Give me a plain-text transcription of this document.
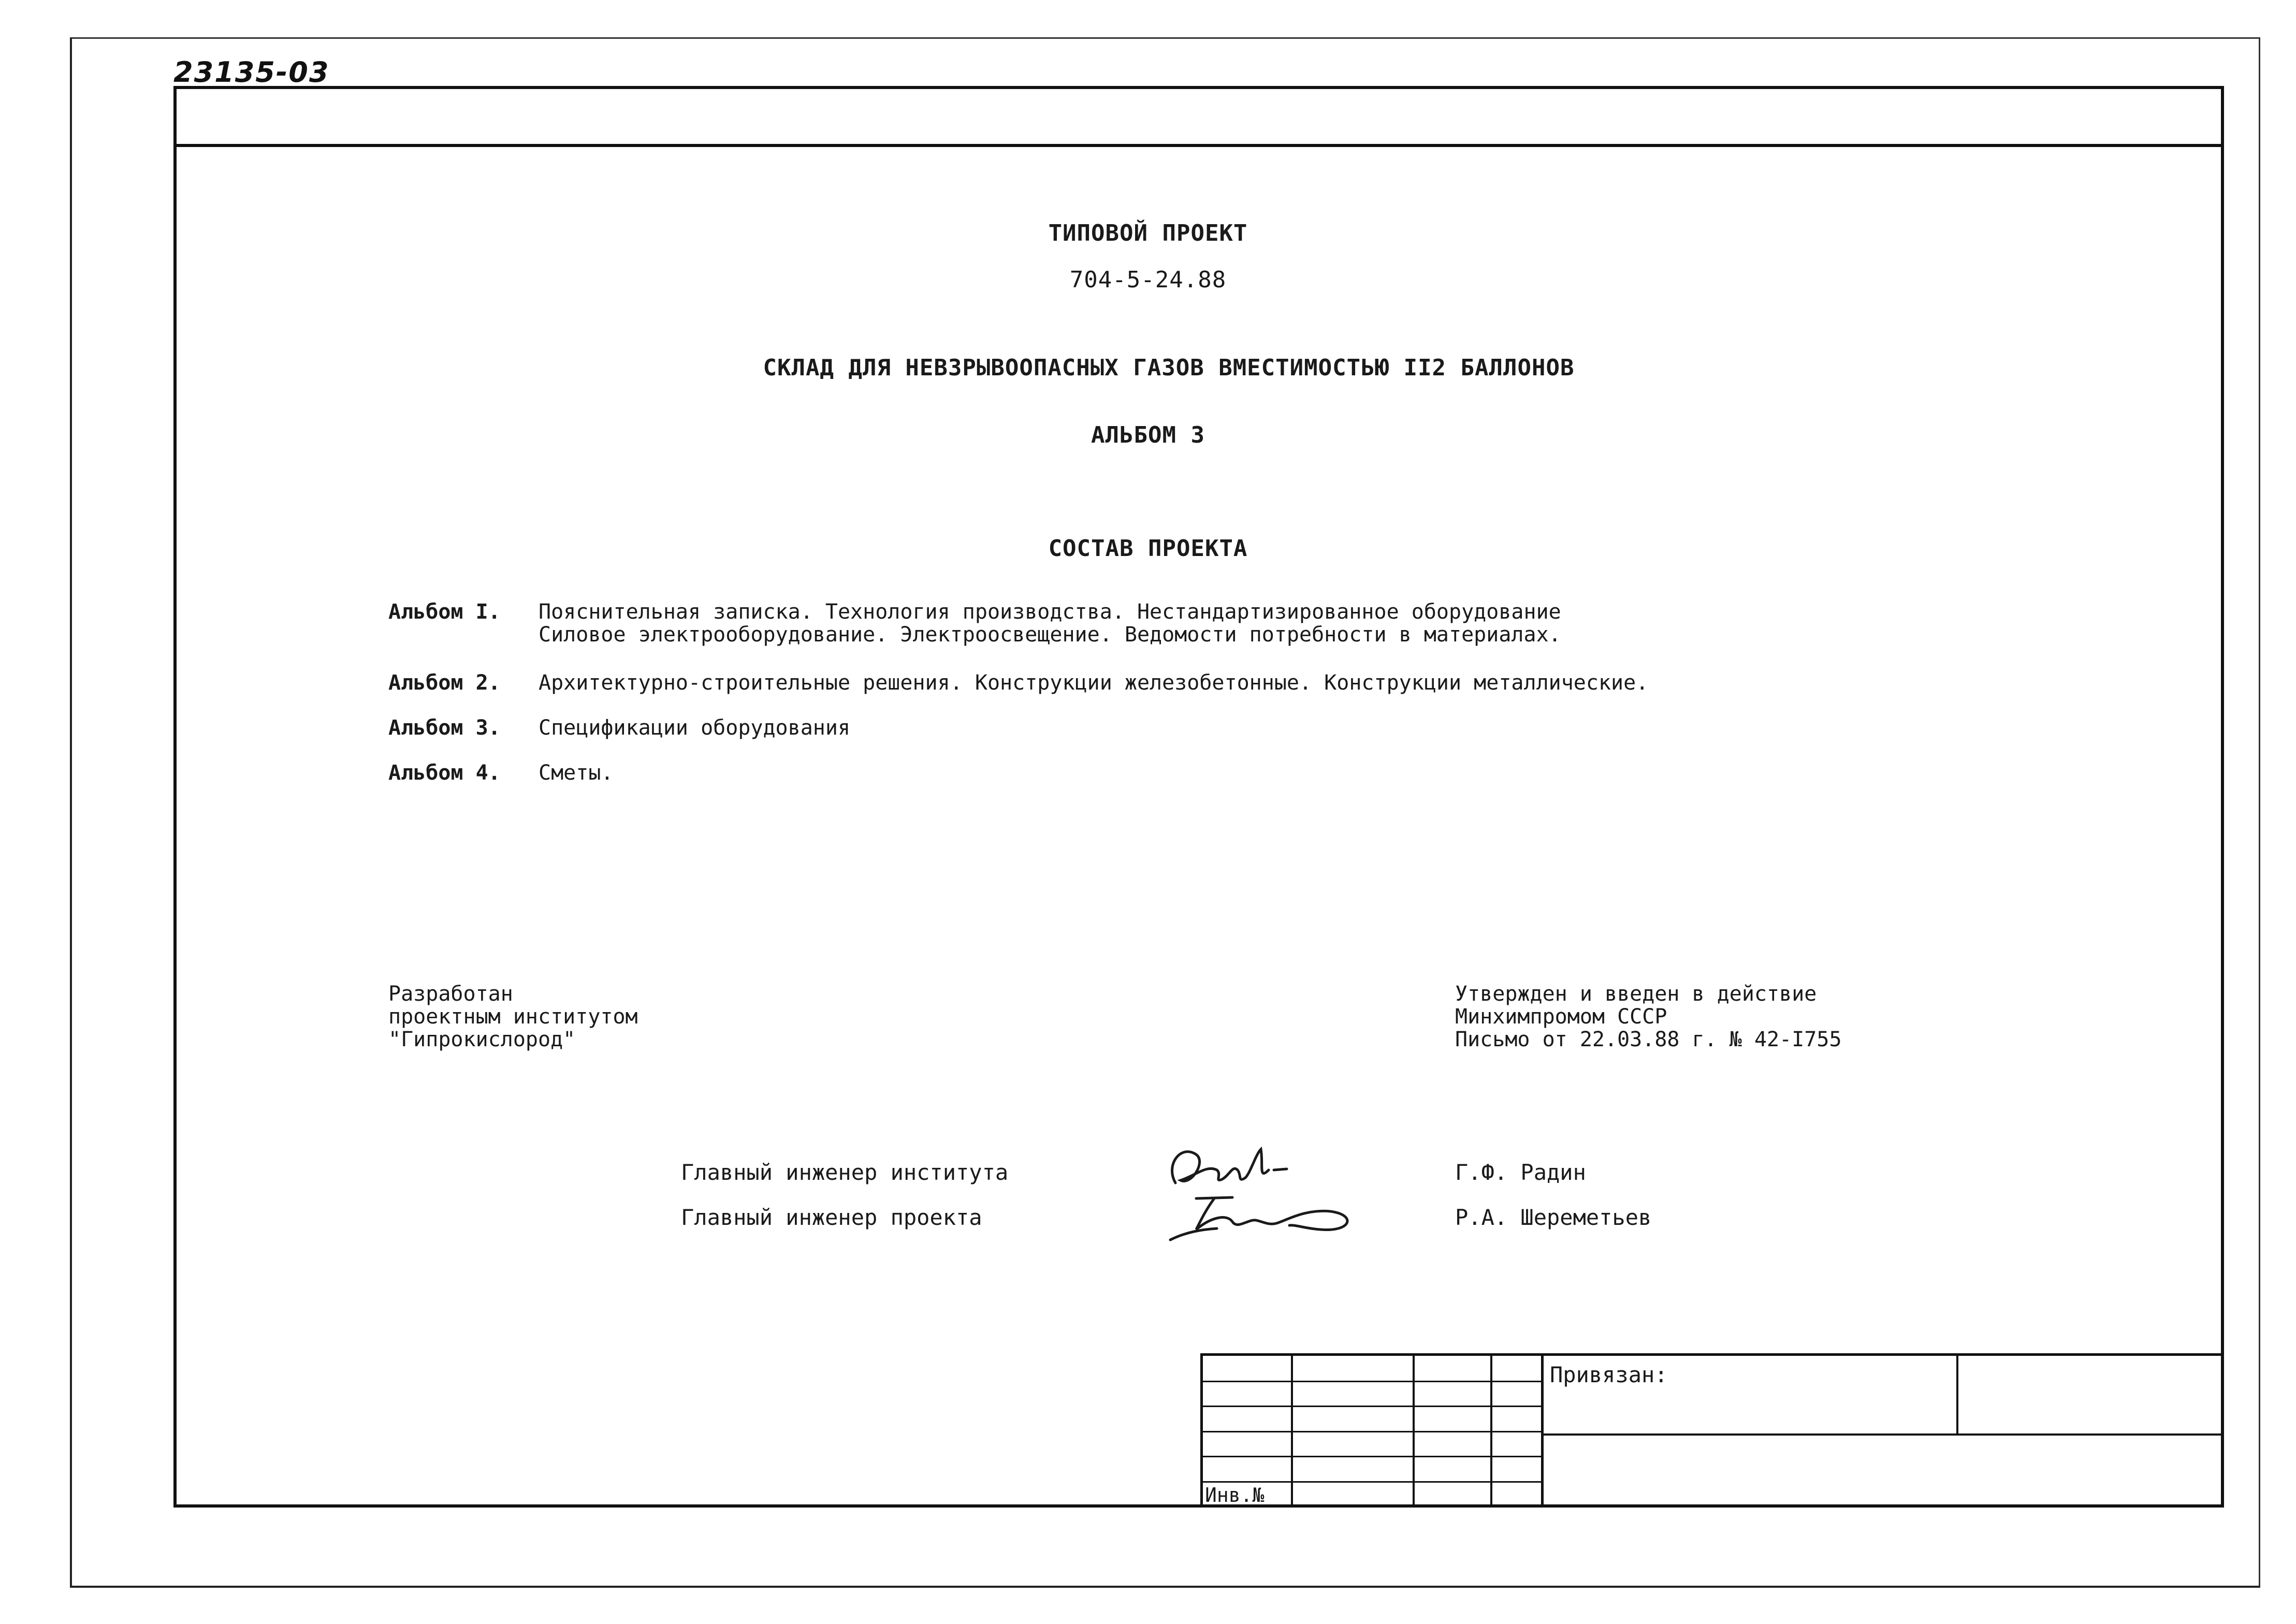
23135-03
ТИПОВОЙ ПРОЕКТ
704-5-24.88
СКЛАД ДЛЯ НЕВЗРЫВООПАСНЫХ ГАЗОВ ВМЕСТИМОСТЬЮ II2 БАЛЛОНОВ
АЛЬБОМ 3
СОСТАВ ПРОЕКТА
Альбом I. Пояснительная записка. Технология производства. Нестандартизированное оборудование
Силовое электрооборудование. Электроосвещение. Ведомости потребности в материалах.
Альбом 2. Архитектурно-строительные решения. Конструкции железобетонные. Конструкции металлические.
Альбом 3. Спецификации оборудования
Альбом 4. Сметы.
Разработан
проектным институтом
"Гипрокислород"
Утвержден и введен в действие
Минхимпромом СССР
Письмо от 22.03.88 г. № 42-I755
Главный инженер института	Г.Ф. Радин
Главный инженер проекта	Р.А. Шереметьев
Привязан:
Инв.№
